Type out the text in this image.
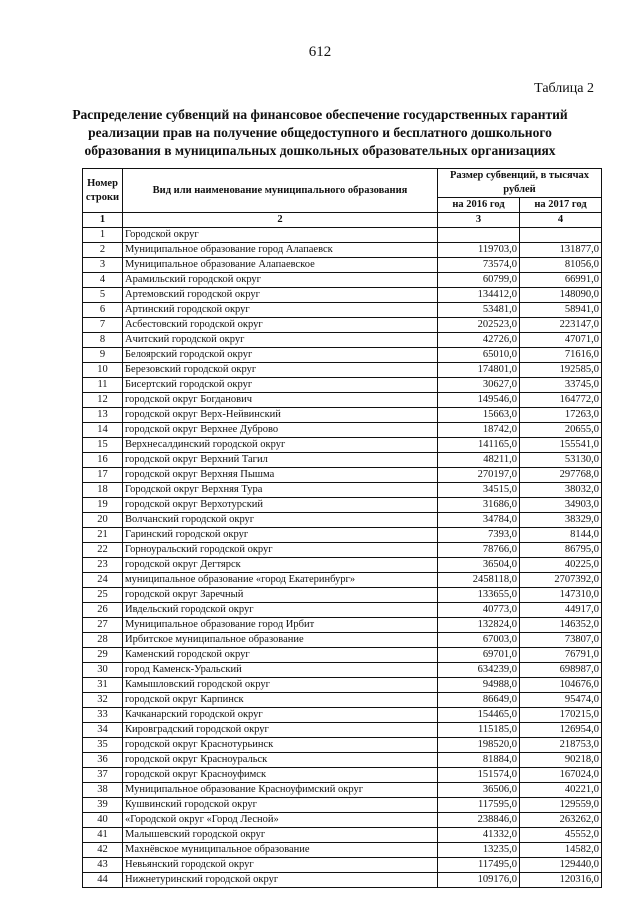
612
Таблица 2
Распределение субвенций на финансовое обеспечение государственных гарантий реализации прав на получение общедоступного и бесплатного дошкольного образования в муниципальных дошкольных образовательных организациях
Номер строки	Вид или наименование муниципального образования	Размер субвенций, в тысячах рублей	
		на 2016 год	на 2017 год
1	2	3	4
1	Городской округ		
2	Муниципальное образование город Алапаевск	119703,0	131877,0
3	Муниципальное образование Алапаевское	73574,0	81056,0
4	Арамильский городской округ	60799,0	66991,0
5	Артемовский городской округ	134412,0	148090,0
6	Артинский городской округ	53481,0	58941,0
7	Асбестовский городской округ	202523,0	223147,0
8	Ачитский городской округ	42726,0	47071,0
9	Белоярский городской округ	65010,0	71616,0
10	Березовский городской округ	174801,0	192585,0
11	Бисертский городской округ	30627,0	33745,0
12	городской округ Богданович	149546,0	164772,0
13	городской округ Верх-Нейвинский	15663,0	17263,0
14	городской округ Верхнее Дуброво	18742,0	20655,0
15	Верхнесалдинский городской округ	141165,0	155541,0
16	городской округ Верхний Тагил	48211,0	53130,0
17	городской округ Верхняя Пышма	270197,0	297768,0
18	Городской округ Верхняя Тура	34515,0	38032,0
19	городской округ Верхотурский	31686,0	34903,0
20	Волчанский городской округ	34784,0	38329,0
21	Гаринский городской округ	7393,0	8144,0
22	Горноуральский городской округ	78766,0	86795,0
23	городской округ Дегтярск	36504,0	40225,0
24	муниципальное образование «город Екатеринбург»	2458118,0	2707392,0
25	городской округ Заречный	133655,0	147310,0
26	Ивдельский городской округ	40773,0	44917,0
27	Муниципальное образование город Ирбит	132824,0	146352,0
28	Ирбитское муниципальное образование	67003,0	73807,0
29	Каменский городской округ	69701,0	76791,0
30	город Каменск-Уральский	634239,0	698987,0
31	Камышловский городской округ	94988,0	104676,0
32	городской округ Карпинск	86649,0	95474,0
33	Качканарский городской округ	154465,0	170215,0
34	Кировградский городской округ	115185,0	126954,0
35	городской округ Краснотурьинск	198520,0	218753,0
36	городской округ Красноуральск	81884,0	90218,0
37	городской округ Красноуфимск	151574,0	167024,0
38	Муниципальное образование Красноуфимский округ	36506,0	40221,0
39	Кушвинский городской округ	117595,0	129559,0
40	«Городской округ «Город Лесной»	238846,0	263262,0
41	Малышевский городской округ	41332,0	45552,0
42	Махнёвское муниципальное образование	13235,0	14582,0
43	Невьянский городской округ	117495,0	129440,0
44	Нижнетуринский городской округ	109176,0	120316,0
